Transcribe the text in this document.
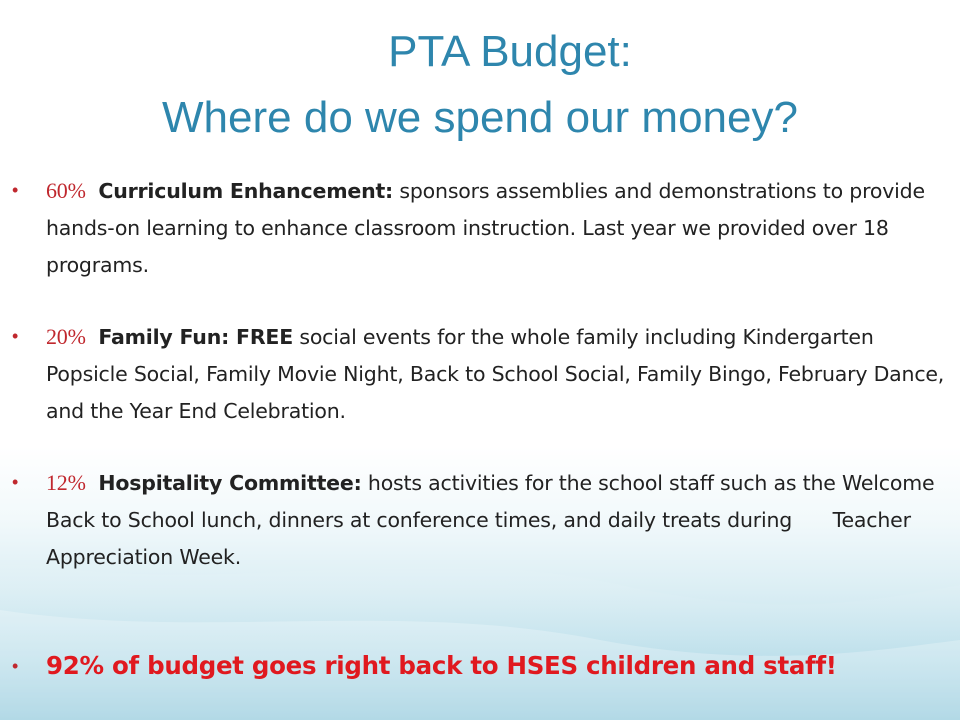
PTA Budget:
Where do we spend our money?
• 60% Curriculum Enhancement: sponsors assemblies and demonstrations to provide hands-on learning to enhance classroom instruction. Last year we provided over 18 programs.
• 20% Family Fun: FREE social events for the whole family including Kindergarten Popsicle Social, Family Movie Night, Back to School Social, Family Bingo, February Dance, and the Year End Celebration.
• 12% Hospitality Committee: hosts activities for the school staff such as the Welcome Back to School lunch, dinners at conference times, and daily treats during  Teacher Appreciation Week.
• 92% of budget goes right back to HSES children and staff!
